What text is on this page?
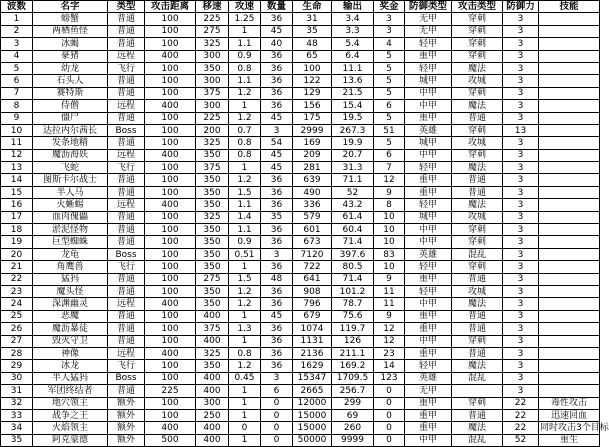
波数	名字	类型	攻击距离	移速	攻速	数量	生命	输出	奖金	防御类型	攻击类型	防御力	技能
1	螃蟹	普通	100	225	1.25	36	31	3.4	3	无甲	穿刺	3	
2	两栖鱼怪	普通	100	275	1	45	35	3.3	3	无甲	穿刺	3	
3	冰蝎	普通	100	325	1.1	40	48	5.4	4	轻甲	穿刺	3	
4	豪猪	远程	400	300	0.9	36	65	6.4	5	重甲	穿刺	3	
5	幼龙	飞行	100	350	0.8	36	100	11.1	5	轻甲	魔法	3	
6	石头人	普通	100	300	1.1	36	122	13.6	5	城甲	攻城	3	
7	赛特斯	普通	100	375	1.2	36	129	21.5	5	中甲	穿刺	3	
8	侍僧	远程	400	300	1	36	156	15.4	6	中甲	魔法	3	
9	僵尸	普通	100	225	1.2	45	175	19.5	5	重甲	普通	3	
10	达拉内尔茜长	Boss	100	200	0.7	3	2999	267.3	51	英雄	穿刺	13	
11	发条地精	普通	100	325	0.8	54	169	19.9	5	城甲	攻城	3	
12	魔沥海妖	远程	400	350	0.8	45	209	20.7	6	中甲	穿刺	3	
13	飞蛇	飞行	100	375	1	45	281	31.3	7	轻甲	魔法	3	
14	图斯卡尔战士	普通	100	350	1.2	36	639	71.1	12	重甲	普通	3	
15	半人马	普通	100	350	1.5	36	490	52	9	重甲	普通	3	
16	火蜥蜴	远程	400	350	1.1	36	336	43.2	8	轻甲	魔法	3	
17	血肉傀儡	普通	100	325	1.4	35	579	61.4	10	城甲	攻城	3	
18	淤泥怪物	普通	100	350	1.1	36	601	60.4	10	中甲	穿刺	3	
19	巨型蜘蛛	普通	100	350	0.9	36	673	71.4	10	中甲	穿刺	3	
20	龙龟	Boss	100	350	0.51	3	7120	397.6	83	英雄	混乱	3	
21	角鹰兽	飞行	100	350	1	36	722	80.5	10	轻甲	穿刺	3	
22	猛犸	普通	100	275	1.5	48	641	71.4	9	重甲	普通	3	
23	魔头怪	普通	100	350	1.2	36	908	101.2	11	轻甲	攻城	3	
24	深渊幽灵	远程	400	350	1.2	36	796	78.7	11	中甲	魔法	3	
25	恶魔	普通	100	400	1	45	679	75.6	9	重甲	普通	3	
26	魔沥暴徒	普通	100	375	1.3	36	1074	119.7	12	重甲	普通	3	
27	毁灭守卫	普通	100	400	1	36	1131	126	12	中甲	穿刺	3	
28	神像	远程	400	325	0.8	36	2136	211.1	23	重甲	普通	3	
29	冰龙	飞行	100	350	1.2	36	1629	169.2	14	轻甲	魔法	3	
30	半人猛犸	Boss	100	400	0.45	3	15347	1709.5	123	英雄	混乱	3	
31	军团终结者	普通	225	400	1	6	2665	256.7	0	无甲		3	
32	地穴领主	额外	100	300	1	0	12000	299	0	重甲	穿刺	22	毒性攻击
33	战争之王	额外	100	250	1	0	15000	69	0	重甲	普通	22	迅速回血
34	火焰领主	额外	400	400	0	0	15000	260	0	重甲	魔法	22	同时攻击3个目标
35	阿克蒙德	额外	500	400	1	0	50000	9999	0	中甲	混乱	52	重生
